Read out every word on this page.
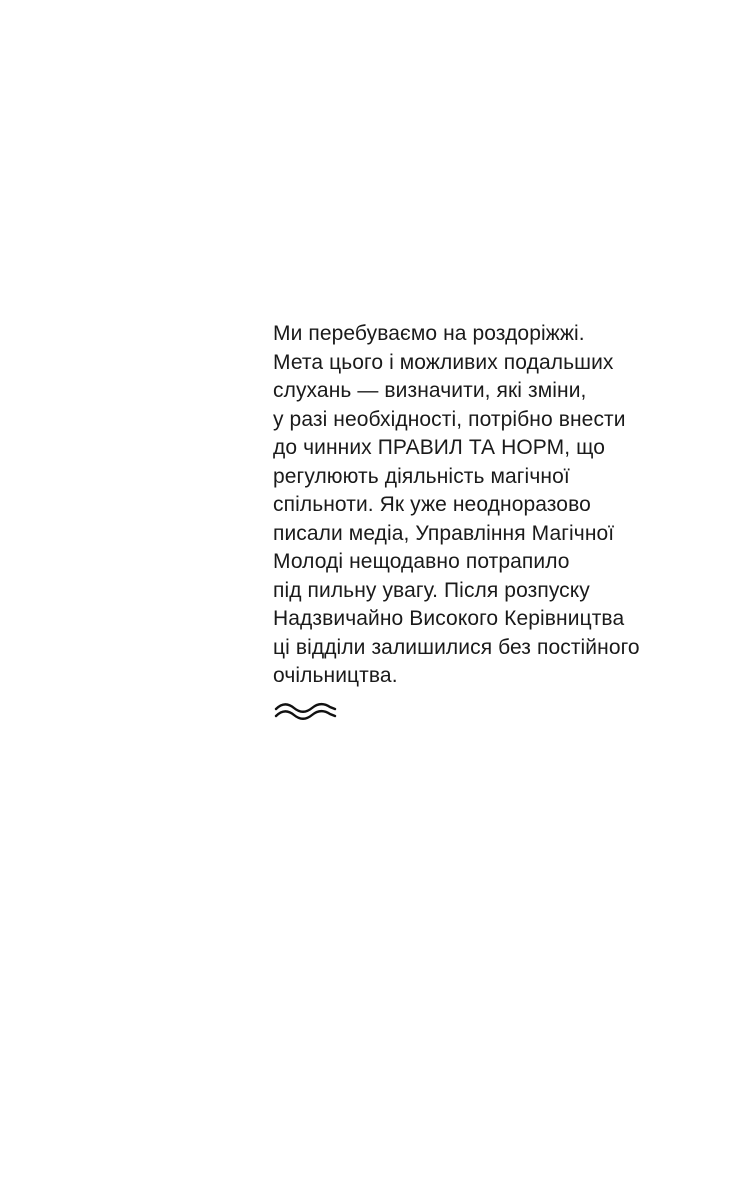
Ми перебуваємо на роздоріжжі.
Мета цього і можливих подальших
слухань — визначити, які зміни,
у разі необхідності, потрібно внести
до чинних ПРАВИЛ ТА НОРМ, що
регулюють діяльність магічної
спільноти. Як уже неодноразово
писали медіа, Управління Магічної
Молоді нещодавно потрапило
під пильну увагу. Після розпуску
Надзвичайно Високого Керівництва
ці відділи залишилися без постійного
очільництва.
